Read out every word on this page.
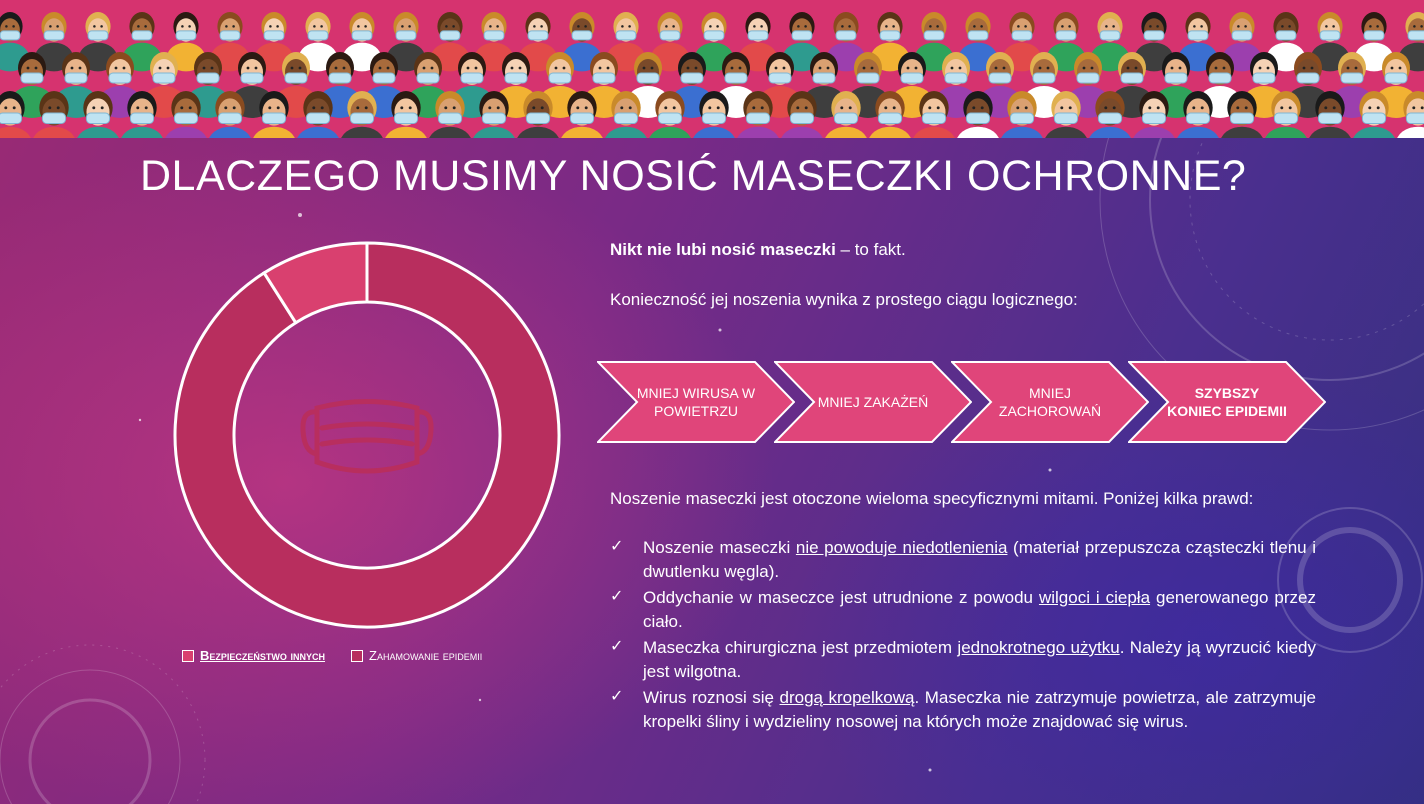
DLACZEGO MUSIMY NOSIĆ MASECZKI OCHRONNE?
Bezpieczeństwo innych	Zahamowanie epidemii
Nikt nie lubi nosić maseczki – to fakt.
Konieczność jej noszenia wynika z prostego ciągu logicznego:
MNIEJ WIRUSA W POWIETRZU
MNIEJ ZAKAŻEŃ
MNIEJ ZACHOROWAŃ
SZYBSZY KONIEC EPIDEMII
Noszenie maseczki jest otoczone wieloma specyficznymi mitami. Poniżej kilka prawd:
✓ Noszenie maseczki nie powoduje niedotlenienia (materiał przepuszcza cząsteczki tlenu i dwutlenku węgla).
✓ Oddychanie w maseczce jest utrudnione z powodu wilgoci i ciepła generowanego przez ciało.
✓ Maseczka chirurgiczna jest przedmiotem jednokrotnego użytku. Należy ją wyrzucić kiedy jest wilgotna.
✓ Wirus roznosi się drogą kropelkową. Maseczka nie zatrzymuje powietrza, ale zatrzymuje kropelki śliny i wydzieliny nosowej na których może znajdować się wirus.
